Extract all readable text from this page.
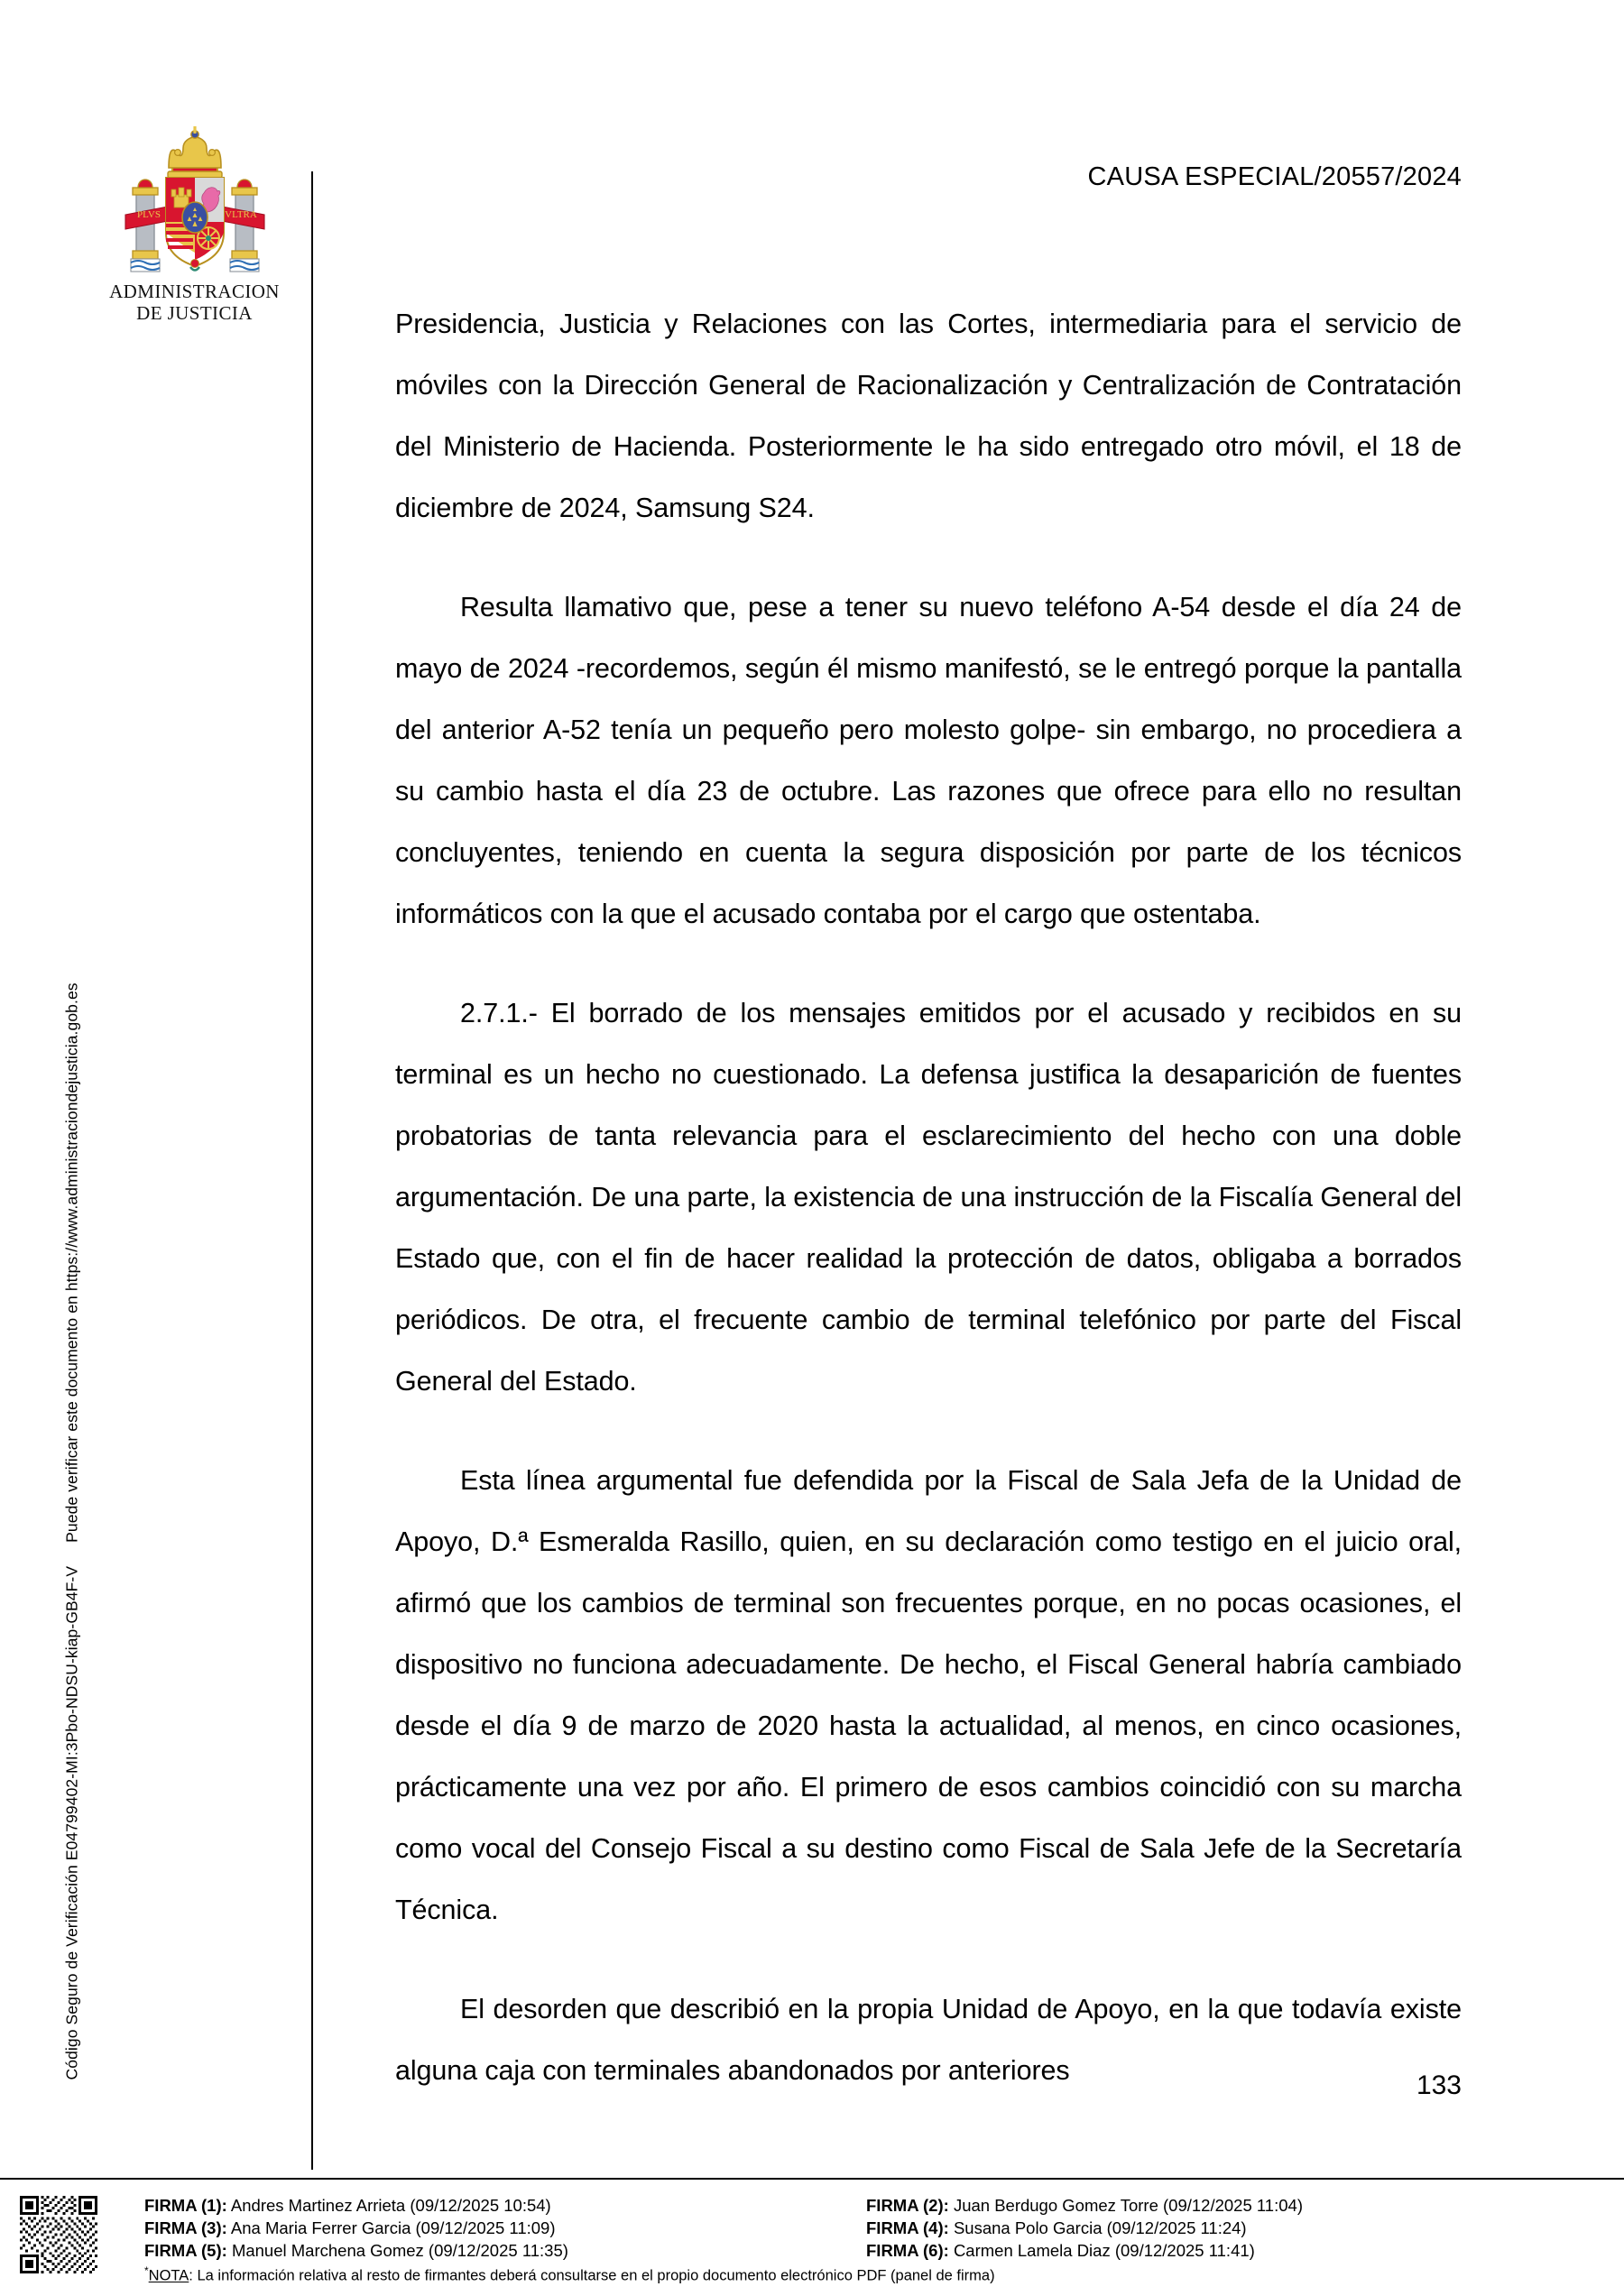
Código Seguro de Verificación E04799402-MI:3Pbo-NDSU-kiap-GB4F-VPuede verificar este documento en https://www.administraciondejusticia.gob.es
PLVS	VLTRA
ADMINISTRACION
DE JUSTICIA
CAUSA ESPECIAL/20557/2024

Presidencia, Justicia y Relaciones con las Cortes, intermediaria para el servicio de móviles con la Dirección General de Racionalización y Centralización de Contratación del Ministerio de Hacienda. Posteriormente le ha sido entregado otro móvil, el 18 de diciembre de 2024, Samsung S24.

Resulta llamativo que, pese a tener su nuevo teléfono A-54 desde el día 24 de mayo de 2024 -recordemos, según él mismo manifestó, se le entregó porque la pantalla del anterior A-52 tenía un pequeño pero molesto golpe- sin embargo, no procediera a su cambio hasta el día 23 de octubre. Las razones que ofrece para ello no resultan concluyentes, teniendo en cuenta la segura disposición por parte de los técnicos informáticos con la que el acusado contaba por el cargo que ostentaba.

2.7.1.- El borrado de los mensajes emitidos por el acusado y recibidos en su terminal es un hecho no cuestionado. La defensa justifica la desaparición de fuentes probatorias de tanta relevancia para el esclarecimiento del hecho con una doble argumentación. De una parte, la existencia de una instrucción de la Fiscalía General del Estado que, con el fin de hacer realidad la protección de datos, obligaba a borrados periódicos. De otra, el frecuente cambio de terminal telefónico por parte del Fiscal General del Estado.

Esta línea argumental fue defendida por la Fiscal de Sala Jefa de la Unidad de Apoyo, D.ª Esmeralda Rasillo, quien, en su declaración como testigo en el juicio oral, afirmó que los cambios de terminal son frecuentes porque, en no pocas ocasiones, el dispositivo no funciona adecuadamente. De hecho, el Fiscal General habría cambiado desde el día 9 de marzo de 2020 hasta la actualidad, al menos, en cinco ocasiones, prácticamente una vez por año. El primero de esos cambios coincidió con su marcha como vocal del Consejo Fiscal a su destino como Fiscal de Sala Jefe de la Secretaría Técnica.

El desorden que describió en la propia Unidad de Apoyo, en la que todavía existe alguna caja con terminales abandonados por anteriores	133
FIRMA (1): Andres Martinez Arrieta (09/12/2025 10:54)	FIRMA (2): Juan Berdugo Gomez Torre (09/12/2025 11:04)
FIRMA (3): Ana Maria Ferrer Garcia (09/12/2025 11:09)	FIRMA (4): Susana Polo Garcia (09/12/2025 11:24)
FIRMA (5): Manuel Marchena Gomez (09/12/2025 11:35)	FIRMA (6): Carmen Lamela Diaz (09/12/2025 11:41)
*NOTA: La información relativa al resto de firmantes deberá consultarse en el propio documento electrónico PDF (panel de firma)
